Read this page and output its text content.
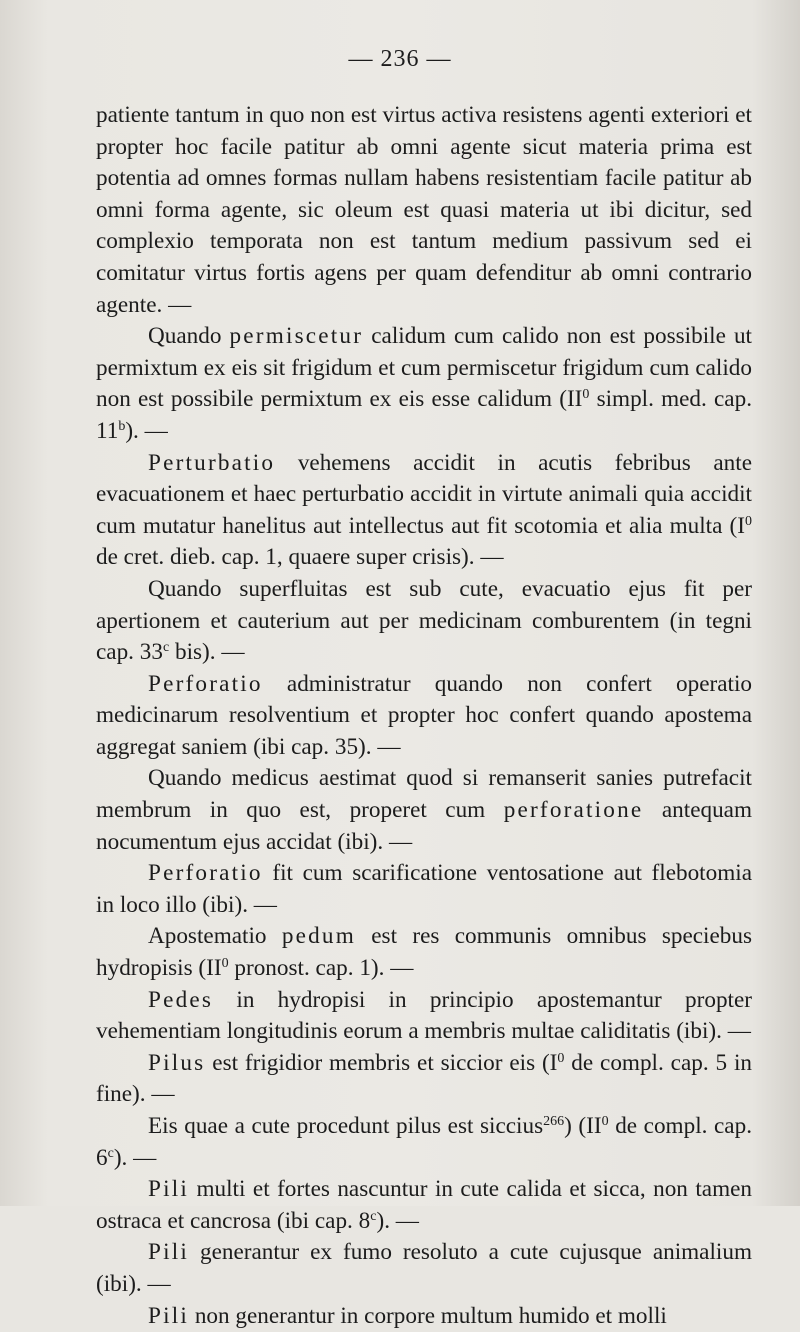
— 236 —

patiente tantum in quo non est virtus activa resistens agenti exteriori et propter hoc facile patitur ab omni agente sicut materia prima est potentia ad omnes formas nullam habens resistentiam facile patitur ab omni forma agente, sic oleum est quasi materia ut ibi dicitur, sed complexio temporata non est tantum medium passivum sed ei comitatur virtus fortis agens per quam defenditur ab omni contrario agente. —

Quando permiscetur calidum cum calido non est possibile ut permixtum ex eis sit frigidum et cum permiscetur frigidum cum calido non est possibile permixtum ex eis esse calidum ($II^0$ simpl. med. cap. 11$^b$). —

Perturbatio vehemens accidit in acutis febribus ante evacuationem et haec perturbatio accidit in virtute animali quia accidit cum mutatur hanelitus aut intellectus aut fit scotomia et alia multa ($I^0$ de cret. dieb. cap. 1, quaere super crisis). —

Quando superfluitas est sub cute, evacuatio ejus fit per apertionem et cauterium aut per medicinam comburentem (in tegni cap. 33$^c$ bis). —

Perforatio administratur quando non confert operatio medicinarum resolventium et propter hoc confert quando apostema aggregat saniem (ibi cap. 35). —

Quando medicus aestimat quod si remanserit sanies putrefacit membrum in quo est, properet cum perforatione antequam nocumentum ejus accidat (ibi). —

Perforatio fit cum scarificatione ventosatione aut flebotomia in loco illo (ibi). —

Apostematio pedum est res communis omnibus speciebus hydropisis ($II^0$ pronost. cap. 1). —

Pedes in hydropisi in principio apostemantur propter vehementiam longitudinis eorum a membris multae caliditatis (ibi). —

Pilus est frigidior membris et siccior eis ($I^0$ de compl. cap. 5 in fine). —

Eis quae a cute procedunt pilus est siccius$^{266}$) ($II^0$ de compl. cap. 6$^c$). —

Pili multi et fortes nascuntur in cute calida et sicca, non tamen ostraca et cancrosa (ibi cap. 8$^c$). —

Pili generantur ex fumo resoluto a cute cujusque animalium (ibi). —

Pili non generantur in corpore multum humido et molli
